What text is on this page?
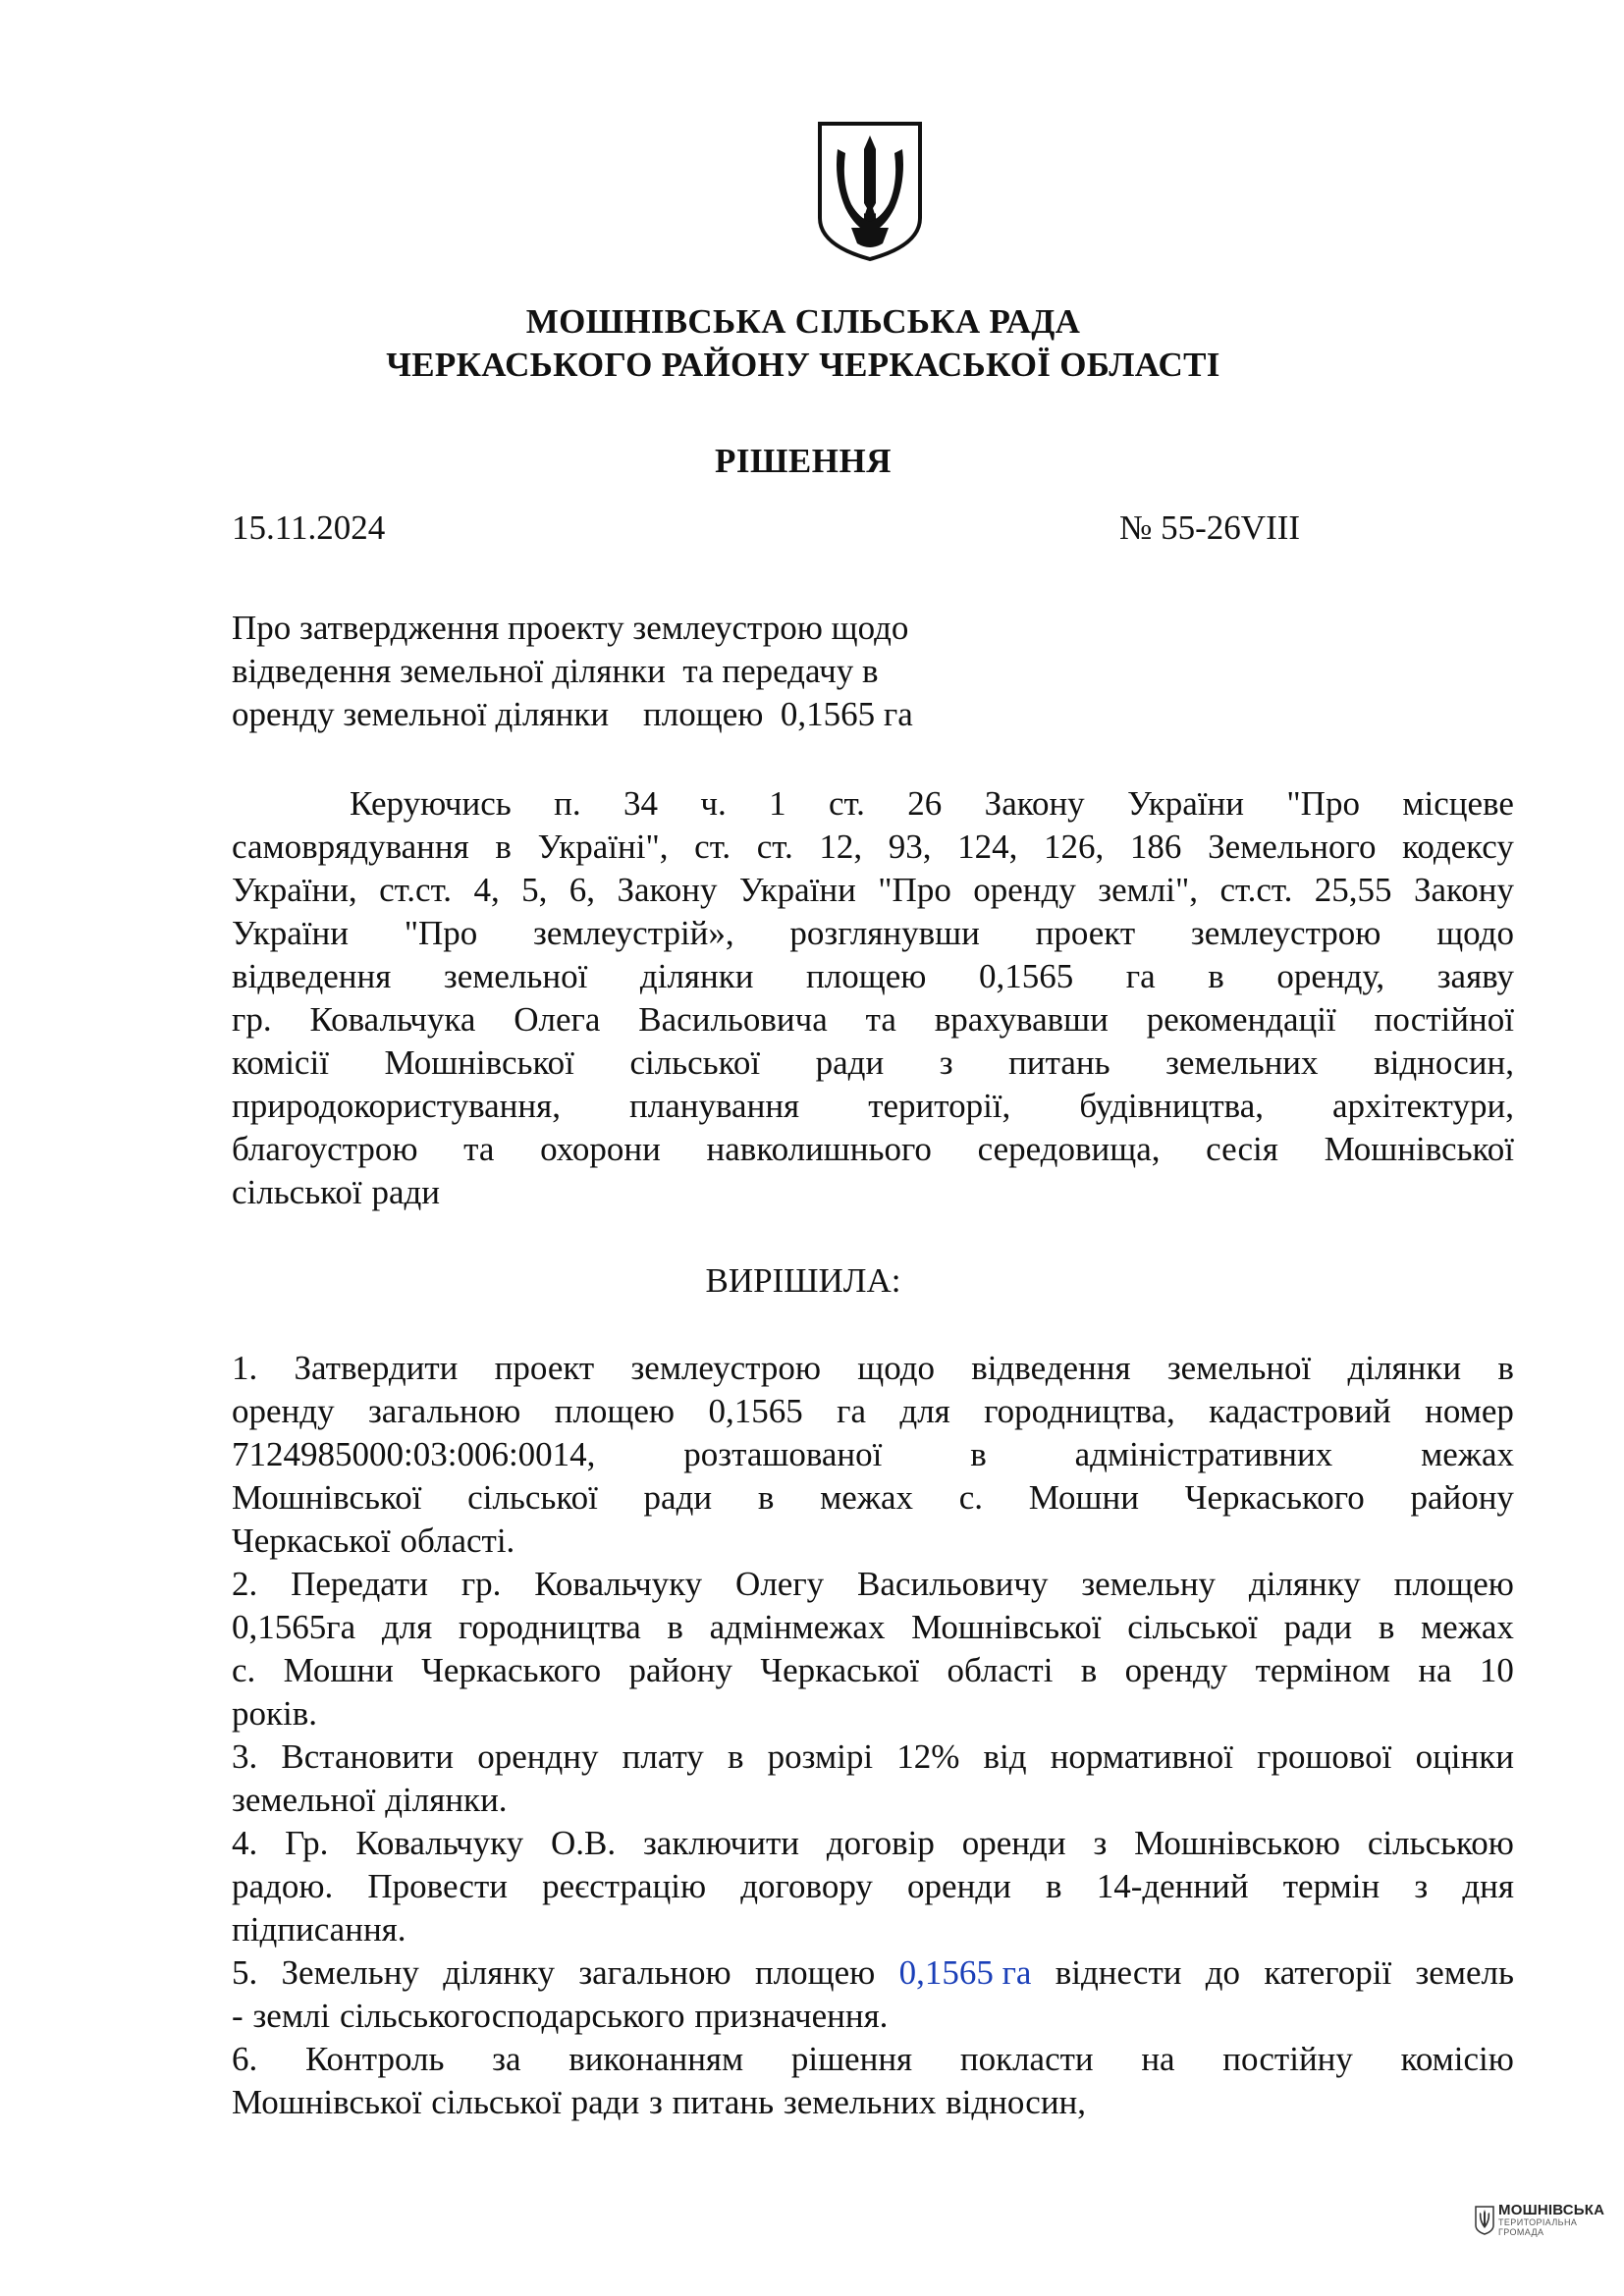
МОШНІВСЬКА СІЛЬСЬКА РАДА
ЧЕРКАСЬКОГО РАЙОНУ ЧЕРКАСЬКОЇ ОБЛАСТІ
РІШЕННЯ
15.11.2024	№ 55-26VIII
Про затвердження проекту землеустрою щодо
відведення земельної ділянки  та передачу в
оренду земельної ділянки    площею  0,1565 га
Керуючись п. 34 ч. 1 ст. 26 Закону України "Про місцеве
самоврядування в Україні", ст. ст. 12, 93, 124, 126, 186 Земельного кодексу
України, ст.ст. 4, 5, 6, Закону України "Про оренду землі", ст.ст. 25,55 Закону
України "Про землеустрій», розглянувши проект землеустрою щодо
відведення земельної ділянки площею 0,1565 га в оренду, заяву
гр. Ковальчука Олега Васильовича та врахувавши рекомендації постійної
комісії Мошнівської сільської ради з питань земельних відносин,
природокористування, планування території, будівництва, архітектури,
благоустрою та охорони навколишнього середовища, сесія Мошнівської
сільської ради
ВИРІШИЛА:
1. Затвердити проект землеустрою щодо відведення земельної ділянки в
оренду загальною площею 0,1565 га для городництва, кадастровий номер
7124985000:03:006:0014,	розташованої	в	адміністративних	межах
Мошнівської сільської ради в межах с. Мошни Черкаського району
Черкаської області.
2. Передати гр. Ковальчуку Олегу Васильовичу земельну ділянку площею
0,1565га для городництва в адмінмежах Мошнівської сільської ради в межах
с. Мошни Черкаського району Черкаської області в оренду терміном на 10
років.
3. Встановити орендну плату в розмірі 12% від нормативної грошової оцінки
земельної ділянки.
4. Гр. Ковальчуку О.В. заключити договір оренди з Мошнівською сільською
радою. Провести реєстрацію договору оренди в 14-денний термін з дня
підписання.
5. Земельну ділянку загальною площею 0,1565 га віднести до категорії земель
- землі сільськогосподарського призначення.
6. Контроль за виконанням рішення покласти на постійну комісію
Мошнівської сільської ради з питань земельних відносин,
МОШНІВСЬКА
ТЕРИТОРІАЛЬНА
ГРОМАДА
